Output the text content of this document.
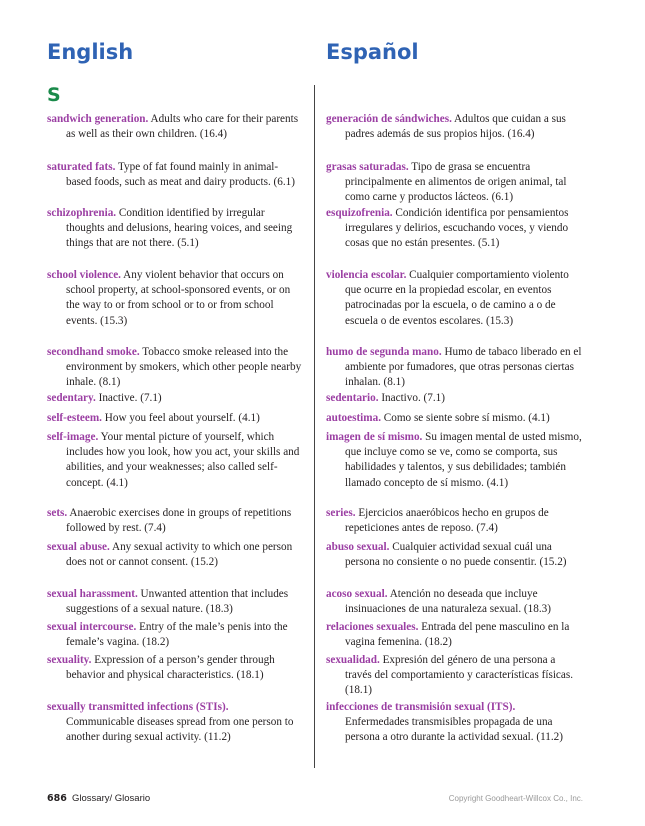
English	Español
S
sandwich generation. Adults who care for their parents as well as their own children. (16.4)
saturated fats. Type of fat found mainly in animal-based foods, such as meat and dairy products. (6.1)
schizophrenia. Condition identified by irregular thoughts and delusions, hearing voices, and seeing things that are not there. (5.1)
school violence. Any violent behavior that occurs on school property, at school-sponsored events, or on the way to or from school or to or from school events. (15.3)
secondhand smoke. Tobacco smoke released into the environment by smokers, which other people nearby inhale. (8.1)
sedentary. Inactive. (7.1)
self-esteem. How you feel about yourself. (4.1)
self-image. Your mental picture of yourself, which includes how you look, how you act, your skills and abilities, and your weaknesses; also called self-concept. (4.1)
sets. Anaerobic exercises done in groups of repetitions followed by rest. (7.4)
sexual abuse. Any sexual activity to which one person does not or cannot consent. (15.2)
sexual harassment. Unwanted attention that includes suggestions of a sexual nature. (18.3)
sexual intercourse. Entry of the male’s penis into the female’s vagina. (18.2)
sexuality. Expression of a person’s gender through behavior and physical characteristics. (18.1)
sexually transmitted infections (STIs).
Communicable diseases spread from one person to another during sexual activity. (11.2)
generación de sándwiches. Adultos que cuidan a sus padres además de sus propios hijos. (16.4)
grasas saturadas. Tipo de grasa se encuentra principalmente en alimentos de origen animal, tal como carne y productos lácteos. (6.1)
esquizofrenia. Condición identifica por pensamientos irregulares y delirios, escuchando voces, y viendo cosas que no están presentes. (5.1)
violencia escolar. Cualquier comportamiento violento que ocurre en la propiedad escolar, en eventos patrocinadas por la escuela, o de camino a o de escuela o de eventos escolares. (15.3)
humo de segunda mano. Humo de tabaco liberado en el ambiente por fumadores, que otras personas ciertas inhalan. (8.1)
sedentario. Inactivo. (7.1)
autoestima. Como se siente sobre sí mismo. (4.1)
imagen de sí mismo. Su imagen mental de usted mismo, que incluye como se ve, como se comporta, sus habilidades y talentos, y sus debilidades; también llamado concepto de sí mismo. (4.1)
series. Ejercicios anaeróbicos hecho en grupos de repeticiones antes de reposo. (7.4)
abuso sexual. Cualquier actividad sexual cuál una persona no consiente o no puede consentir. (15.2)
acoso sexual. Atención no deseada que incluye insinuaciones de una naturaleza sexual. (18.3)
relaciones sexuales. Entrada del pene masculino en la vagina femenina. (18.2)
sexualidad. Expresión del género de una persona a través del comportamiento y características físicas. (18.1)
infecciones de transmisión sexual (ITS).
Enfermedades transmisibles propagada de una persona a otro durante la actividad sexual. (11.2)
686 Glossary/ Glosario	Copyright Goodheart-Willcox Co., Inc.
